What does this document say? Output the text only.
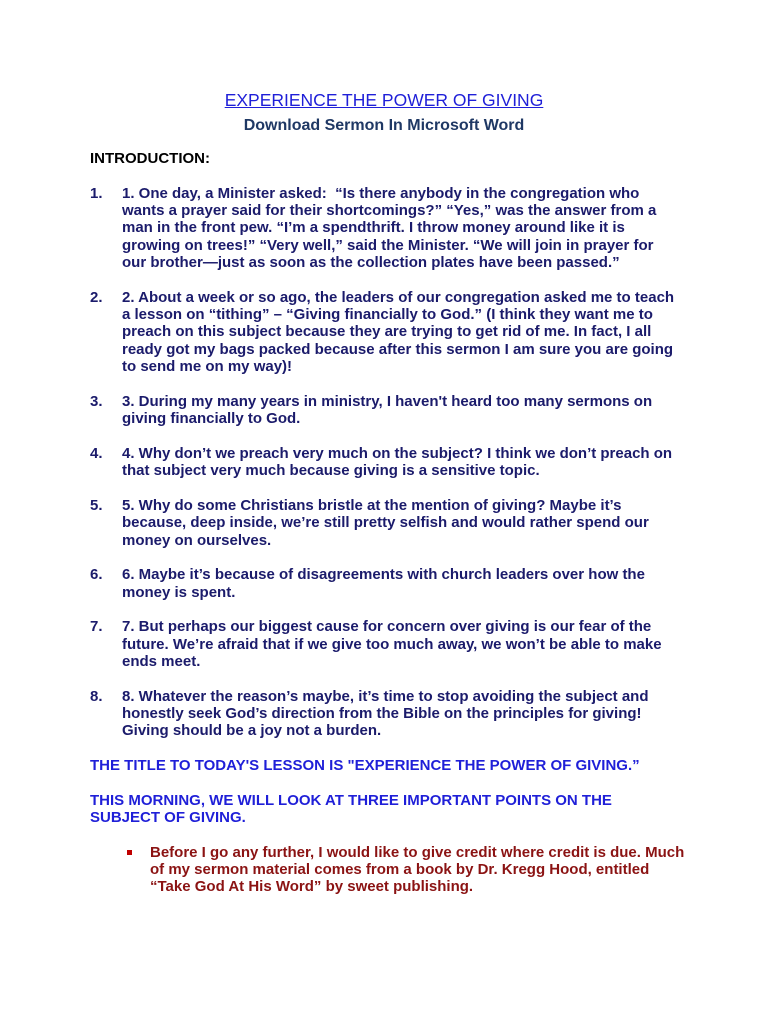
EXPERIENCE THE POWER OF GIVING
Download Sermon In Microsoft Word
INTRODUCTION:
1. 1. One day, a Minister asked:  “Is there anybody in the congregation who
wants a prayer said for their shortcomings?” “Yes,” was the answer from a
man in the front pew. “I’m a spendthrift. I throw money around like it is
growing on trees!” “Very well,” said the Minister. “We will join in prayer for
our brother—just as soon as the collection plates have been passed.”
2. 2. About a week or so ago, the leaders of our congregation asked me to teach
a lesson on “tithing” – “Giving financially to God.” (I think they want me to
preach on this subject because they are trying to get rid of me. In fact, I all
ready got my bags packed because after this sermon I am sure you are going
to send me on my way)!
3. 3. During my many years in ministry, I haven't heard too many sermons on
giving financially to God.
4. 4. Why don’t we preach very much on the subject? I think we don’t preach on
that subject very much because giving is a sensitive topic.
5. 5. Why do some Christians bristle at the mention of giving? Maybe it’s
because, deep inside, we’re still pretty selfish and would rather spend our
money on ourselves.
6. 6. Maybe it’s because of disagreements with church leaders over how the
money is spent.
7. 7. But perhaps our biggest cause for concern over giving is our fear of the
future. We’re afraid that if we give too much away, we won’t be able to make
ends meet.
8. 8. Whatever the reason’s maybe, it’s time to stop avoiding the subject and
honestly seek God’s direction from the Bible on the principles for giving!
Giving should be a joy not a burden.
THE TITLE TO TODAY'S LESSON IS "EXPERIENCE THE POWER OF GIVING.”
THIS MORNING, WE WILL LOOK AT THREE IMPORTANT POINTS ON THE
SUBJECT OF GIVING.
Before I go any further, I would like to give credit where credit is due. Much
of my sermon material comes from a book by Dr. Kregg Hood, entitled
“Take God At His Word” by sweet publishing.
